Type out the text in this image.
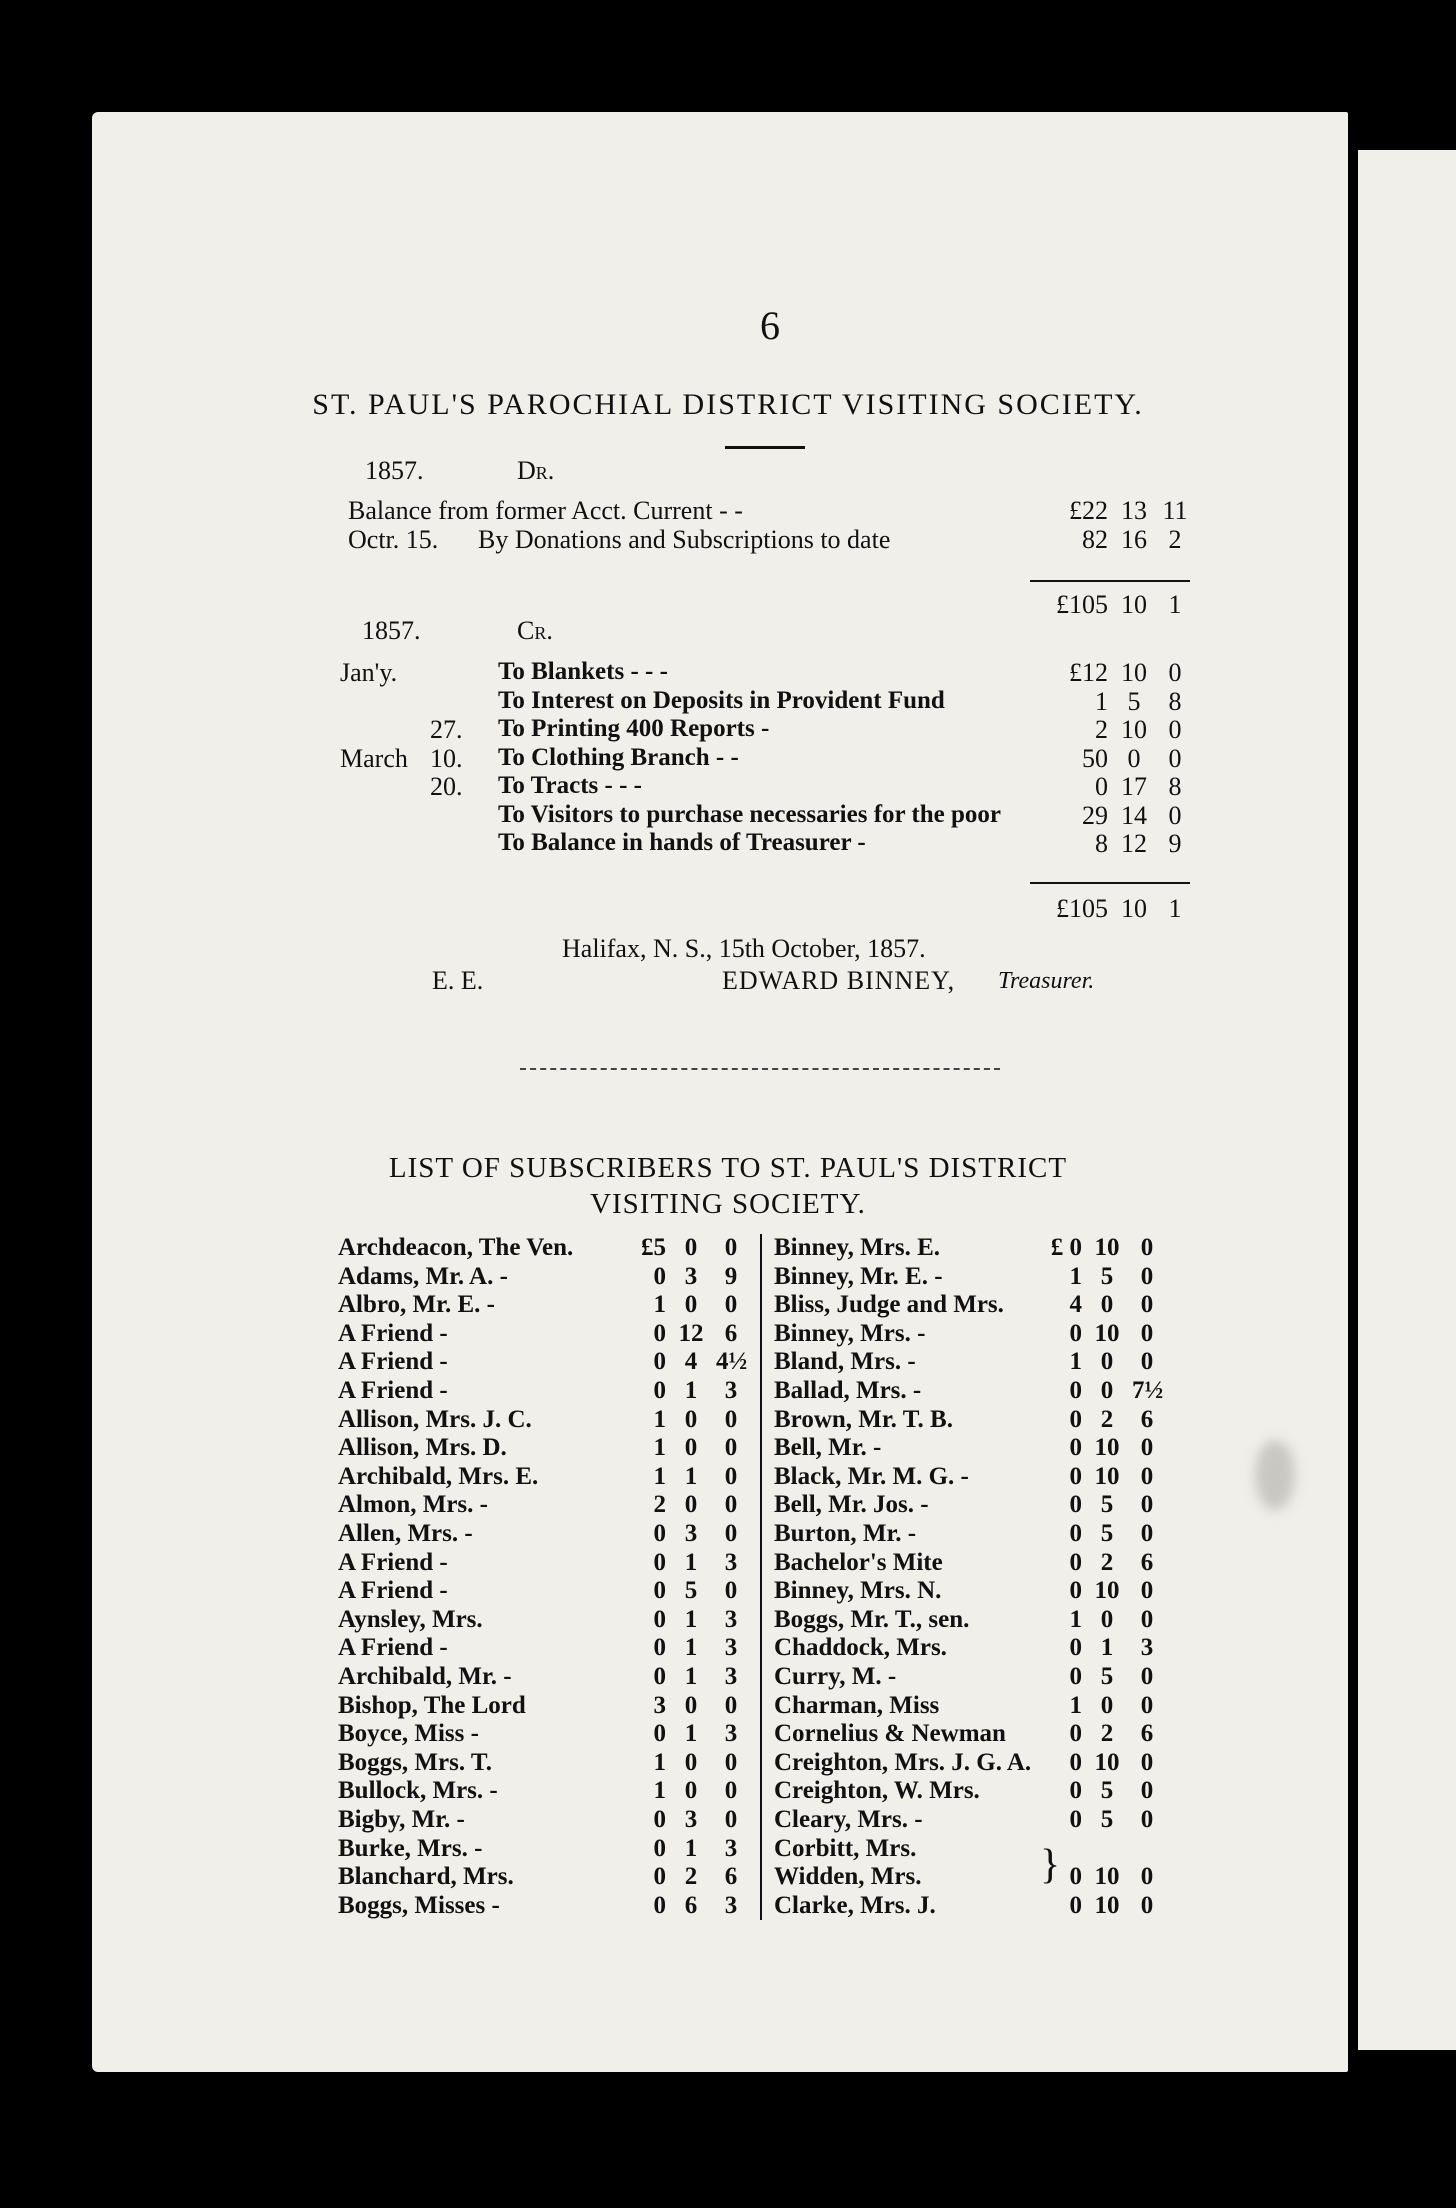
6
ST. PAUL'S PAROCHIAL DISTRICT VISITING SOCIETY.
1857.	Dr.
Balance from former Acct. Current - -	£22 13 11
Octr. 15. By Donations and Subscriptions to date	82 16 2
£105 10 1
1857.	Cr.
Jan'y.	To Blankets - - -	£12 10 0
To Interest on Deposits in Provident Fund	1 5	8
27. To Printing 400 Reports -	2 10 0
March 10. To Clothing Branch - -	50 0	0
20. To Tracts - - -	0 17 8
To Visitors to purchase necessaries for the poor	29 14 0
To Balance in hands of Treasurer -	8 12 9
£105 10 1
Halifax, N. S., 15th October, 1857.
E. E.	EDWARD BINNEY, Treasurer.
LIST OF SUBSCRIBERS TO ST. PAUL'S DISTRICT
VISITING SOCIETY.
Archdeacon, The Ven.	£5 0	0
Adams, Mr. A. -	0 3	9
Albro, Mr. E. -	1 0	0
A Friend -	0 12 6
A Friend -	0 4 4½
A Friend -	0 1	3
Allison, Mrs. J. C.	1 0	0
Allison, Mrs. D.	1 0	0
Archibald, Mrs. E.	1 1	0
Almon, Mrs. -	2 0	0
Allen, Mrs. -	0 3	0
A Friend -	0 1	3
A Friend -	0 5	0
Aynsley, Mrs.	0 1	3
A Friend -	0 1	3
Archibald, Mr. -	0 1	3
Bishop, The Lord	3 0	0
Boyce, Miss -	0 1	3
Boggs, Mrs. T.	1 0	0
Bullock, Mrs. -	1 0	0
Bigby, Mr. -	0 3	0
Burke, Mrs. -	0 1	3
Blanchard, Mrs.	0 2	6
Boggs, Misses -	0 6	3
Binney, Mrs. E.	£ 0 10 0
Binney, Mr. E. -	1 5	0
Bliss, Judge and Mrs.	4 0	0
Binney, Mrs. -	0 10 0
Bland, Mrs. -	1 0	0
Ballad, Mrs. -	0 0 7½
Brown, Mr. T. B.	0 2	6
Bell, Mr. -	0 10 0
Black, Mr. M. G. -	0 10 0
Bell, Mr. Jos. -	0 5	0
Burton, Mr. -	0 5	0
Bachelor's Mite	0 2	6
Binney, Mrs. N.	0 10 0
Boggs, Mr. T., sen.	1 0	0
Chaddock, Mrs.	0 1	3
Curry, M. -	0 5	0
Charman, Miss	1 0	0
Cornelius & Newman	0 2	6
Creighton, Mrs. J. G. A.	0 10 0
Creighton, W. Mrs.	0 5	0
Cleary, Mrs. -	0 5	0
Corbitt, Mrs.
Widden, Mrs.	0 10 0
Clarke, Mrs. J.	0 10 0
}
